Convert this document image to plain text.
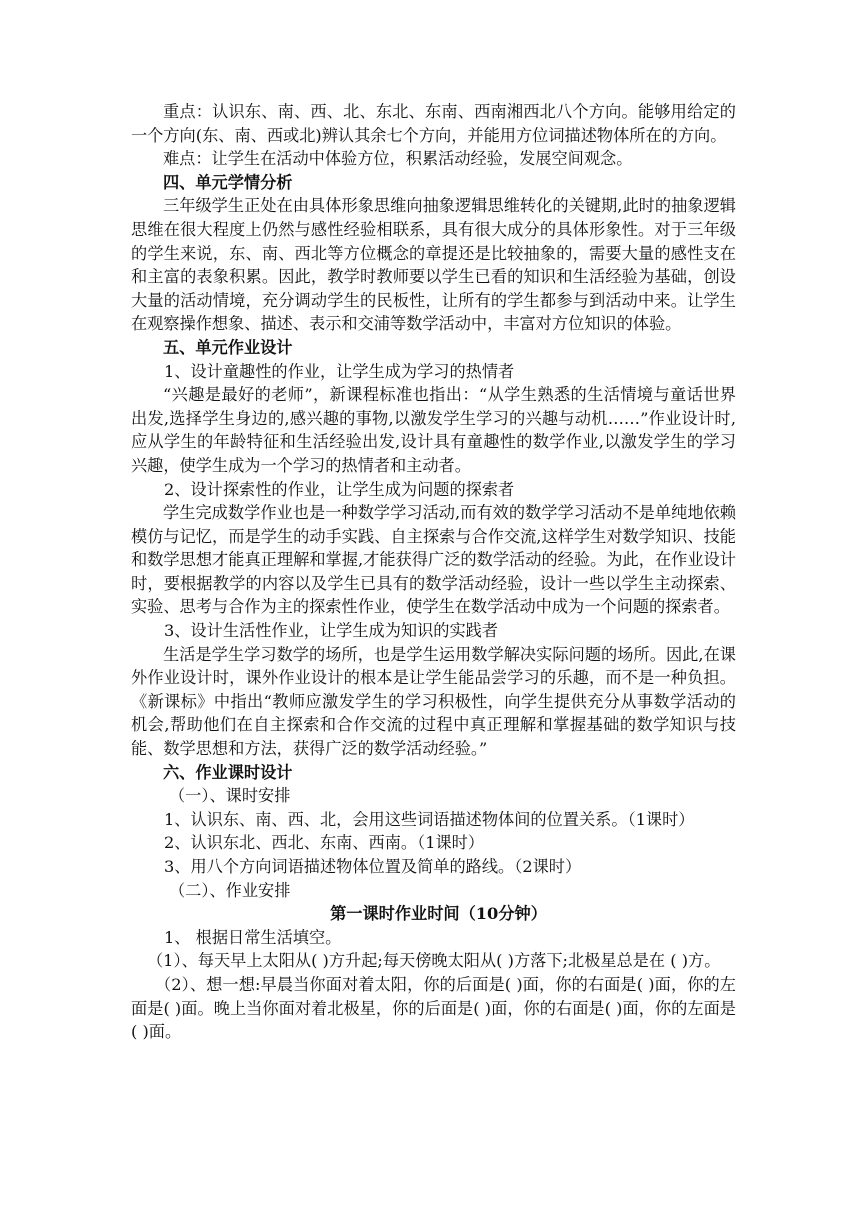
重点：认识东、南、西、北、东北、东南、西南湘西北八个方向。能够用给定的一个方向(东、南、西或北)辨认其余七个方向，并能用方位词描述物体所在的方向。

难点：让学生在活动中体验方位，积累活动经验，发展空间观念。

四、单元学情分析

三年级学生正处在由具体形象思维向抽象逻辑思维转化的关键期,此时的抽象逻辑思维在很大程度上仍然与感性经验相联系，具有很大成分的具体形象性。对于三年级的学生来说，东、南、西北等方位概念的章提还是比较抽象的，需要大量的感性支在和主富的表象积累。因此，教学时教师要以学生已看的知识和生活经验为基础，创设大量的活动情境，充分调动学生的民板性，让所有的学生都参与到活动中来。让学生在观察操作想象、描述、表示和交浦等数学活动中，丰富对方位知识的体验。

五、单元作业设计

1、设计童趣性的作业，让学生成为学习的热情者

“兴趣是最好的老师”，新课程标准也指出：“从学生熟悉的生活情境与童话世界出发,选择学生身边的,感兴趣的事物,以激发学生学习的兴趣与动机……”作业设计时,应从学生的年龄特征和生活经验出发,设计具有童趣性的数学作业,以激发学生的学习兴趣，使学生成为一个学习的热情者和主动者。

2、设计探索性的作业，让学生成为问题的探索者

学生完成数学作业也是一种数学学习活动,而有效的数学学习活动不是单纯地依赖模仿与记忆，而是学生的动手实践、自主探索与合作交流,这样学生对数学知识、技能和数学思想才能真正理解和掌握,才能获得广泛的数学活动的经验。为此，在作业设计时，要根据教学的内容以及学生已具有的数学活动经验，设计一些以学生主动探索、实验、思考与合作为主的探索性作业，使学生在数学活动中成为一个问题的探索者。

3、设计生活性作业，让学生成为知识的实践者

生活是学生学习数学的场所，也是学生运用数学解决实际问题的场所。因此,在课外作业设计时，课外作业设计的根本是让学生能品尝学习的乐趣，而不是一种负担。《新课标》中指出“教师应激发学生的学习积极性，向学生提供充分从事数学活动的机会,帮助他们在自主探索和合作交流的过程中真正理解和掌握基础的数学知识与技能、数学思想和方法，获得广泛的数学活动经验。”

六、作业课时设计

（一）、课时安排

1、认识东、南、西、北，会用这些词语描述物体间的位置关系。（1课时）

2、认识东北、西北、东南、西南。（1课时）

3、用八个方向词语描述物体位置及简单的路线。（2课时）

（二）、作业安排

第一课时作业时间（10分钟）

1、 根据日常生活填空。

（1）、每天早上太阳从( )方升起;每天傍晚太阳从( )方落下;北极星总是在 ( )方。

（2）、想一想:早晨当你面对着太阳，你的后面是( )面，你的右面是( )面，你的左面是( )面。晚上当你面对着北极星，你的后面是( )面，你的右面是( )面，你的左面是( )面。
